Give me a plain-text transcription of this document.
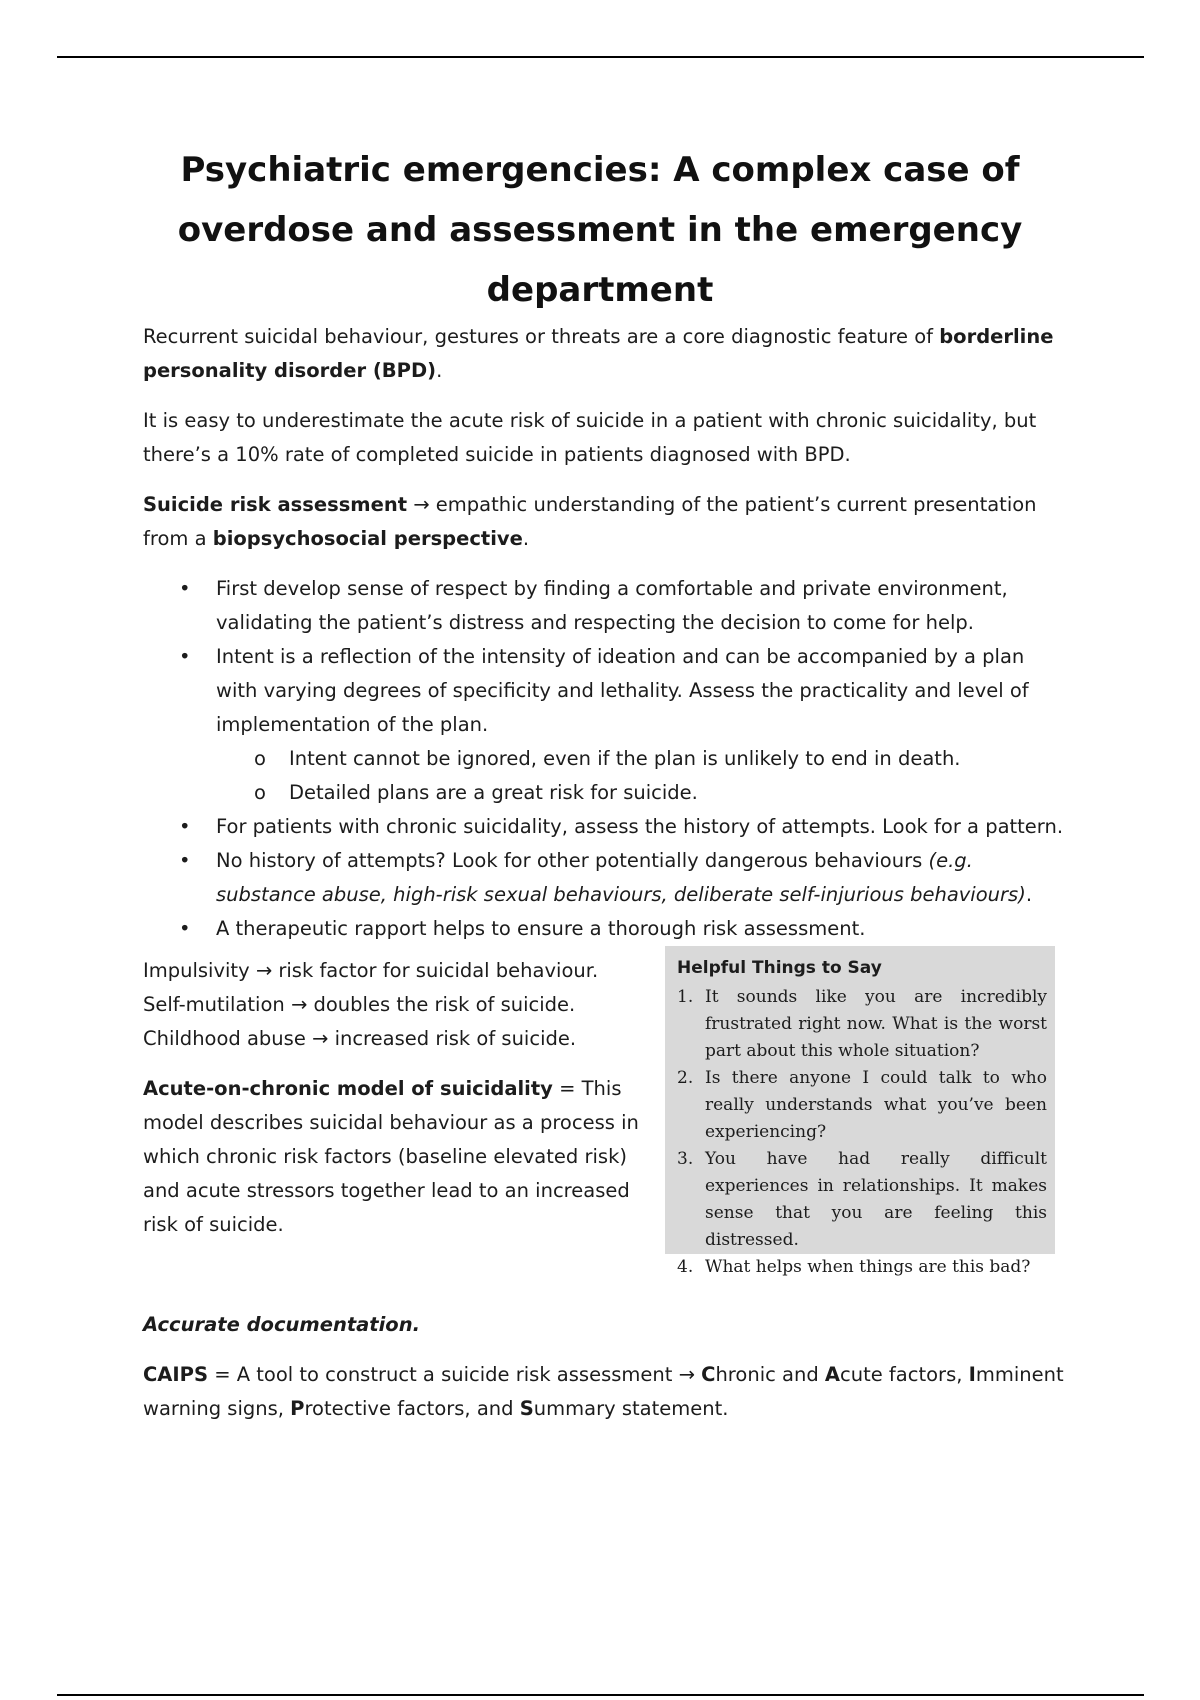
Psychiatric emergencies: A complex case of overdose and assessment in the emergency department

Recurrent suicidal behaviour, gestures or threats are a core diagnostic feature of borderline personality disorder (BPD).

It is easy to underestimate the acute risk of suicide in a patient with chronic suicidality, but there’s a 10% rate of completed suicide in patients diagnosed with BPD.

Suicide risk assessment → empathic understanding of the patient’s current presentation from a biopsychosocial perspective.

• First develop sense of respect by finding a comfortable and private environment, validating the patient’s distress and respecting the decision to come for help.
• Intent is a reflection of the intensity of ideation and can be accompanied by a plan with varying degrees of specificity and lethality. Assess the practicality and level of implementation of the plan.
o Intent cannot be ignored, even if the plan is unlikely to end in death.
o Detailed plans are a great risk for suicide.
• For patients with chronic suicidality, assess the history of attempts. Look for a pattern.
• No history of attempts? Look for other potentially dangerous behaviours (e.g. substance abuse, high-risk sexual behaviours, deliberate self-injurious behaviours).
• A therapeutic rapport helps to ensure a thorough risk assessment.
Impulsivity → risk factor for suicidal behaviour.
Self-mutilation → doubles the risk of suicide.
Childhood abuse → increased risk of suicide.

Acute-on-chronic model of suicidality = This model describes suicidal behaviour as a process in which chronic risk factors (baseline elevated risk) and acute stressors together lead to an increased risk of suicide.

Helpful Things to Say
1. It sounds like you are incredibly frustrated right now. What is the worst part about this whole situation?
2. Is there anyone I could talk to who really understands what you’ve been experiencing?
3. You have had really difficult experiences in relationships. It makes sense that you are feeling this distressed.
4. What helps when things are this bad?
Accurate documentation.

CAIPS = A tool to construct a suicide risk assessment → Chronic and Acute factors, Imminent warning signs, Protective factors, and Summary statement.
